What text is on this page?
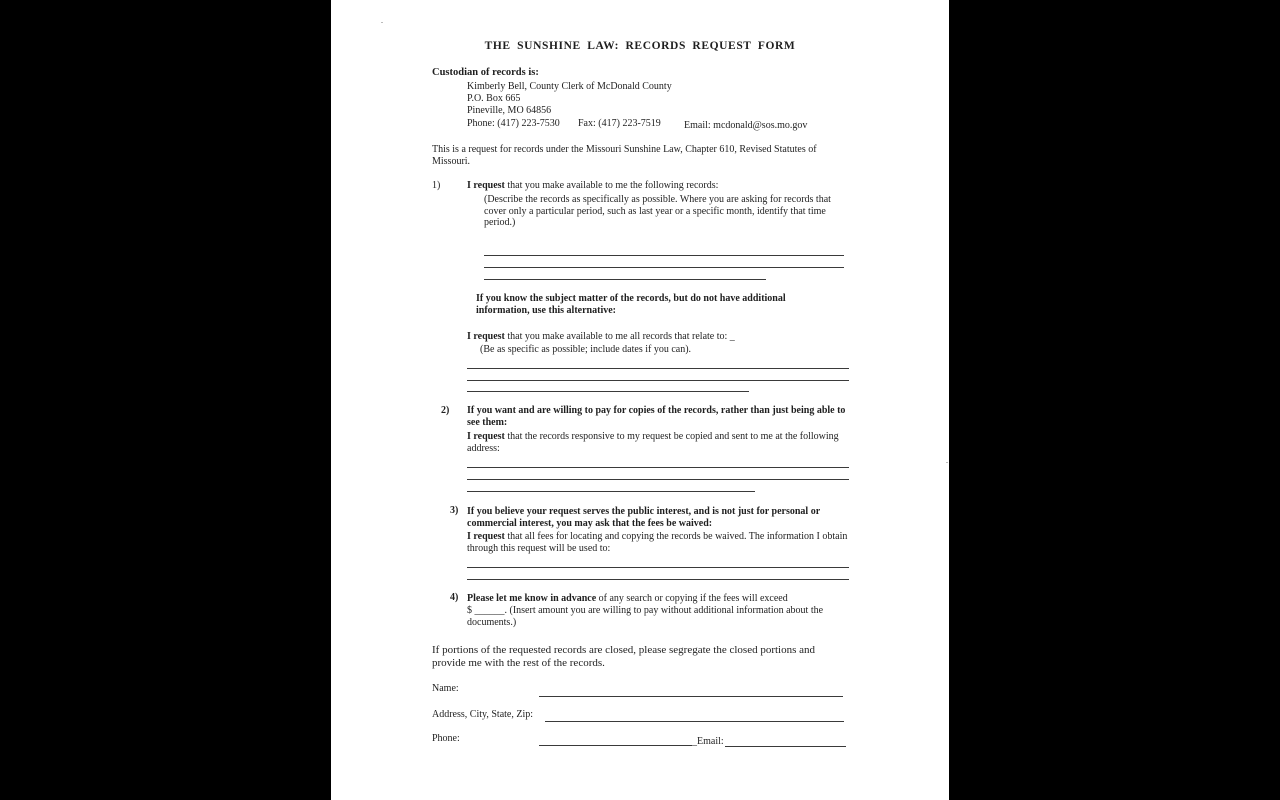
THE SUNSHINE LAW: RECORDS REQUEST FORM
Custodian of records is:
Kimberly Bell, County Clerk of McDonald County
P.O. Box 665
Pineville, MO 64856
Phone: (417) 223-7530 Fax: (417) 223-7519 Email: mcdonald@sos.mo.gov
This is a request for records under the Missouri Sunshine Law, Chapter 610, Revised Statutes of Missouri.
1)	I request that you make available to me the following records:
(Describe the records as specifically as possible. Where you are asking for records that cover only a particular period, such as last year or a specific month, identify that time period.)
If you know the subject matter of the records, but do not have additional information, use this alternative:
I request that you make available to me all records that relate to: _
(Be as specific as possible; include dates if you can).
2) If you want and are willing to pay for copies of the records, rather than just being able to see them:
I request that the records responsive to my request be copied and sent to me at the following address:
3) If you believe your request serves the public interest, and is not just for personal or commercial interest, you may ask that the fees be waived:
I request that all fees for locating and copying the records be waived. The information I obtain through this request will be used to:
4) Please let me know in advance of any search or copying if the fees will exceed
$ ______. (Insert amount you are willing to pay without additional information about the documents.)
If portions of the requested records are closed, please segregate the closed portions and provide me with the rest of the records.
Name:
Address, City, State, Zip:
Phone:	_Email:
